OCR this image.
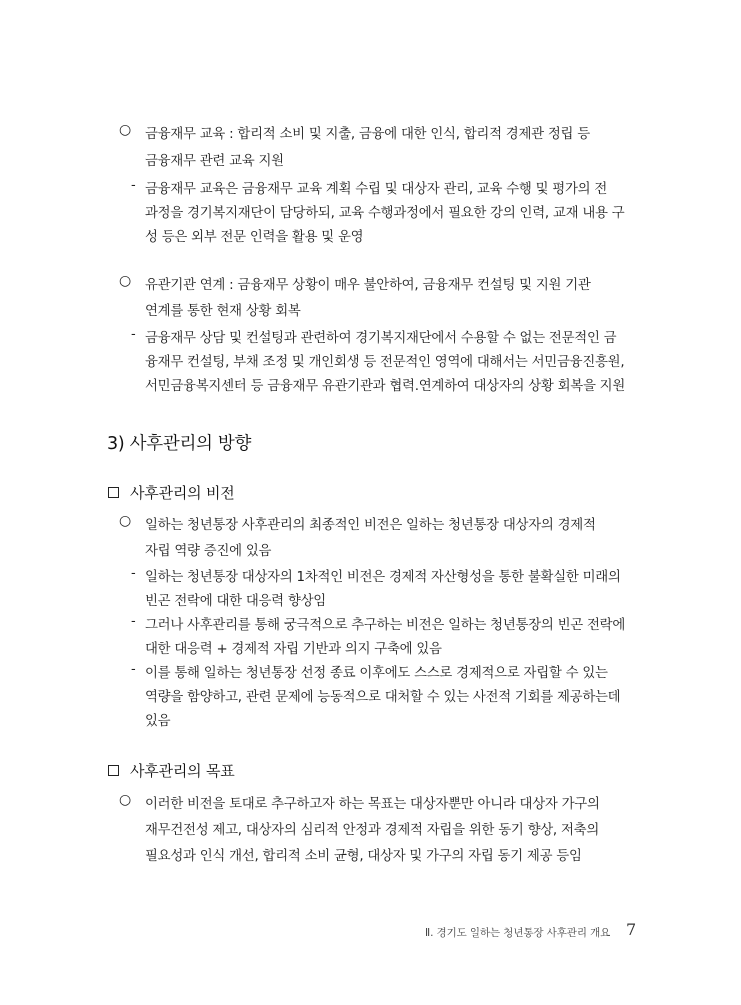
○ 금융재무 교육 : 합리적 소비 및 지출, 금융에 대한 인식, 합리적 경제관 정립 등
금융재무 관련 교육 지원
- 금융재무 교육은 금융재무 교육 계획 수립 및 대상자 관리, 교육 수행 및 평가의 전
과정을 경기복지재단이 담당하되, 교육 수행과정에서 필요한 강의 인력, 교재 내용 구
성 등은 외부 전문 인력을 활용 및 운영
○ 유관기관 연계 : 금융재무 상황이 매우 불안하여, 금융재무 컨설팅 및 지원 기관
연계를 통한 현재 상황 회복
- 금융재무 상담 및 컨설팅과 관련하여 경기복지재단에서 수용할 수 없는 전문적인 금
융재무 컨설팅, 부채 조정 및 개인회생 등 전문적인 영역에 대해서는 서민금융진흥원,
서민금융복지센터 등 금융재무 유관기관과 협력.연계하여 대상자의 상황 회복을 지원
3) 사후관리의 방향
사후관리의 비전
○ 일하는 청년통장 사후관리의 최종적인 비전은 일하는 청년통장 대상자의 경제적
자립 역량 증진에 있음
- 일하는 청년통장 대상자의 1차적인 비전은 경제적 자산형성을 통한 불확실한 미래의
빈곤 전락에 대한 대응력 향상임
- 그러나 사후관리를 통해 궁극적으로 추구하는 비전은 일하는 청년통장의 빈곤 전락에
대한 대응력 + 경제적 자립 기반과 의지 구축에 있음
- 이를 통해 일하는 청년통장 선정 종료 이후에도 스스로 경제적으로 자립할 수 있는
역량을 함양하고, 관련 문제에 능동적으로 대처할 수 있는 사전적 기회를 제공하는데
있음
사후관리의 목표
○ 이러한 비전을 토대로 추구하고자 하는 목표는 대상자뿐만 아니라 대상자 가구의
재무건전성 제고, 대상자의 심리적 안정과 경제적 자립을 위한 동기 향상, 저축의
필요성과 인식 개선, 합리적 소비 균형, 대상자 및 가구의 자립 동기 제공 등임
Ⅱ. 경기도 일하는 청년통장 사후관리 개요 7
